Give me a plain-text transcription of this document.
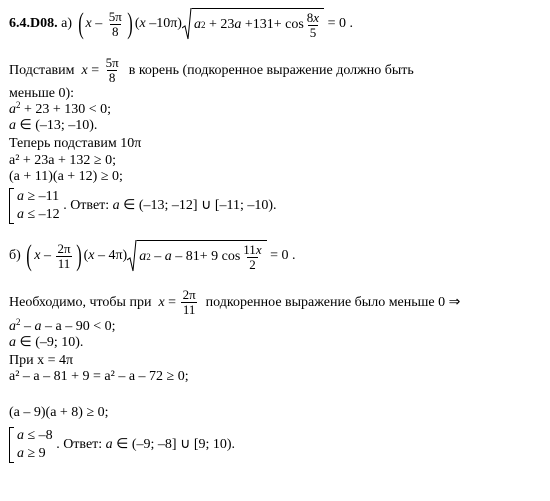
6.4.D08.
а)
( x – $\frac{5\pi}{8}$ ) ( x –10π) a 2 + 23 $a +131+ \cos \frac{8x}{5}$
= 0 .
Подставим
$x = \frac{5\pi}{8}$
в корень (подкоренное выражение должно быть
меньше 0):
$a^2 + 23 + 130 < 0$;
a ∈ (–13; –10).
Теперь подставим 10π
a² + 23a + 132 ≥ 0;
(a + 11)(a + 12) ≥ 0;
a ≥ –11
a ≤ –12
. Ответ: a ∈ (–13; –12] ∪ [–11; –10).
б)
( x – $\frac{2\pi}{11}$ ) ( x – 4π) a 2 – a – 81+ 9 $\cos \frac{11x}{2}$
= 0 .
Необходимо, чтобы при
$x = \frac{2\pi}{11}$
подкоренное выражение было меньше 0 ⇒
$a^2 - a - a - 90 < 0$;
a ∈ (–9; 10).
При x = 4π
a² – a – 81 + 9 = a² – a – 72 ≥ 0;
(a – 9)(a + 8) ≥ 0;
a ≤ –8
a ≥ 9
. Ответ: a ∈ (–9; –8] ∪ [9; 10).
